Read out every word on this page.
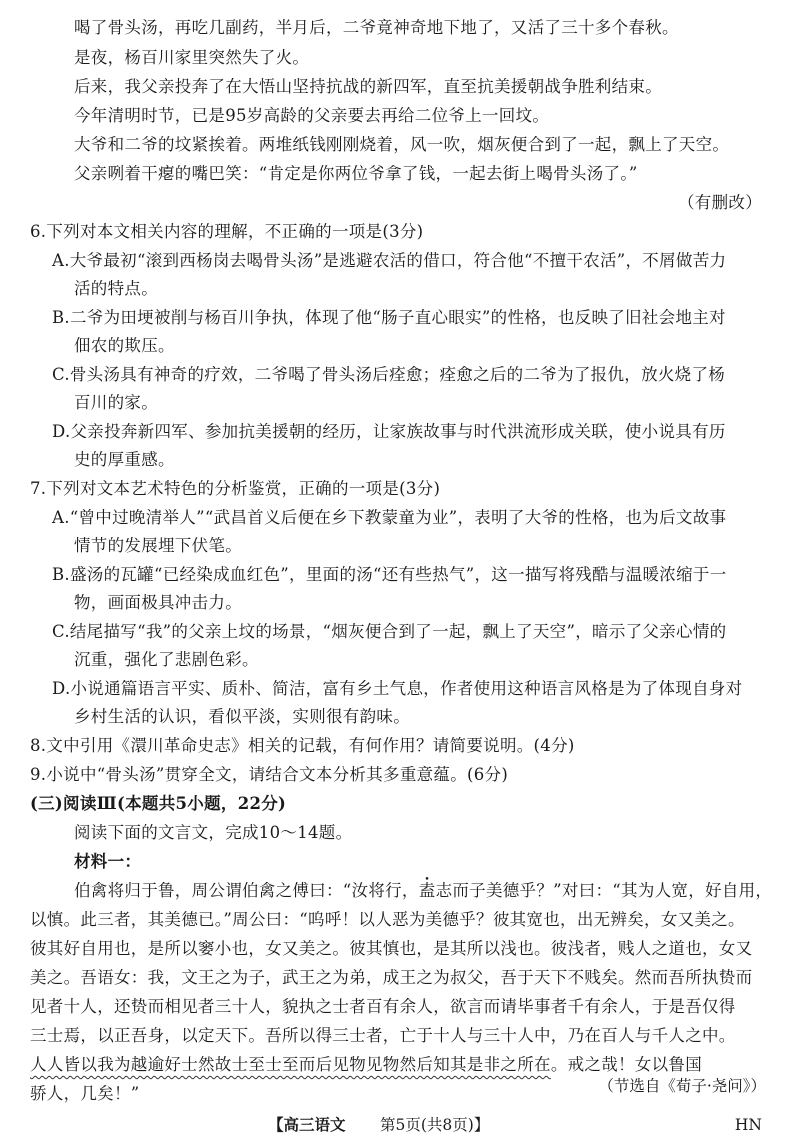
喝了骨头汤，再吃几副药，半月后，二爷竟神奇地下地了，又活了三十多个春秋。
是夜，杨百川家里突然失了火。
后来，我父亲投奔了在大悟山坚持抗战的新四军，直至抗美援朝战争胜利结束。
今年清明时节，已是95岁高龄的父亲要去再给二位爷上一回坟。
大爷和二爷的坟紧挨着。两堆纸钱刚刚烧着，风一吹，烟灰便合到了一起，飘上了天空。
父亲咧着干瘪的嘴巴笑：“肯定是你两位爷拿了钱，一起去街上喝骨头汤了。”
（有删改）
6.下列对本文相关内容的理解，不正确的一项是(3分)
A.大爷最初“滚到西杨岗去喝骨头汤”是逃避农活的借口，符合他“不擅干农活”，不屑做苦力
活的特点。
B.二爷为田埂被削与杨百川争执，体现了他“肠子直心眼实”的性格，也反映了旧社会地主对
佃农的欺压。
C.骨头汤具有神奇的疗效，二爷喝了骨头汤后痊愈；痊愈之后的二爷为了报仇，放火烧了杨
百川的家。
D.父亲投奔新四军、参加抗美援朝的经历，让家族故事与时代洪流形成关联，使小说具有历
史的厚重感。
7.下列对文本艺术特色的分析鉴赏，正确的一项是(3分)
A.“曾中过晚清举人”“武昌首义后便在乡下教蒙童为业”，表明了大爷的性格，也为后文故事
情节的发展埋下伏笔。
B.盛汤的瓦罐“已经染成血红色”，里面的汤“还有些热气”，这一描写将残酷与温暖浓缩于一
物，画面极具冲击力。
C.结尾描写“我”的父亲上坟的场景，“烟灰便合到了一起，飘上了天空”，暗示了父亲心情的
沉重，强化了悲剧色彩。
D.小说通篇语言平实、质朴、简洁，富有乡土气息，作者使用这种语言风格是为了体现自身对
乡村生活的认识，看似平淡，实则很有韵味。
8.文中引用《澴川革命史志》相关的记载，有何作用？请简要说明。(4分)
9.小说中“骨头汤”贯穿全文，请结合文本分析其多重意蕴。(6分)
(三)阅读Ⅲ(本题共5小题，22分)
阅读下面的文言文，完成10～14题。
材料一：
伯禽将归于鲁，周公谓伯禽之傅曰：“汝将行，盍志而子美德乎？”对曰：“其为人宽，好自用，
以慎。此三者，其美德已。”周公曰：“呜呼！以人恶为美德乎？彼其宽也，出无辨矣，女又美之。
彼其好自用也，是所以窭小也，女又美之。彼其慎也，是其所以浅也。彼浅者，贱人之道也，女又
美之。吾语女：我，文王之为子，武王之为弟，成王之为叔父，吾于天下不贱矣。然而吾所执贽而
见者十人，还贽而相见者三十人，貌执之士者百有余人，欲言而请毕事者千有余人，于是吾仅得
三士焉，以正吾身，以定天下。吾所以得三士者，亡于十人与三十人中，乃在百人与千人之中。
人人皆以我为越逾好士然故士至士至而后见物见物然后知其是非之所在。戒之哉！女以鲁国
骄人，几矣！”	（节选自《荀子·尧问》）
【高三语文 第5页(共8页)】	HN
